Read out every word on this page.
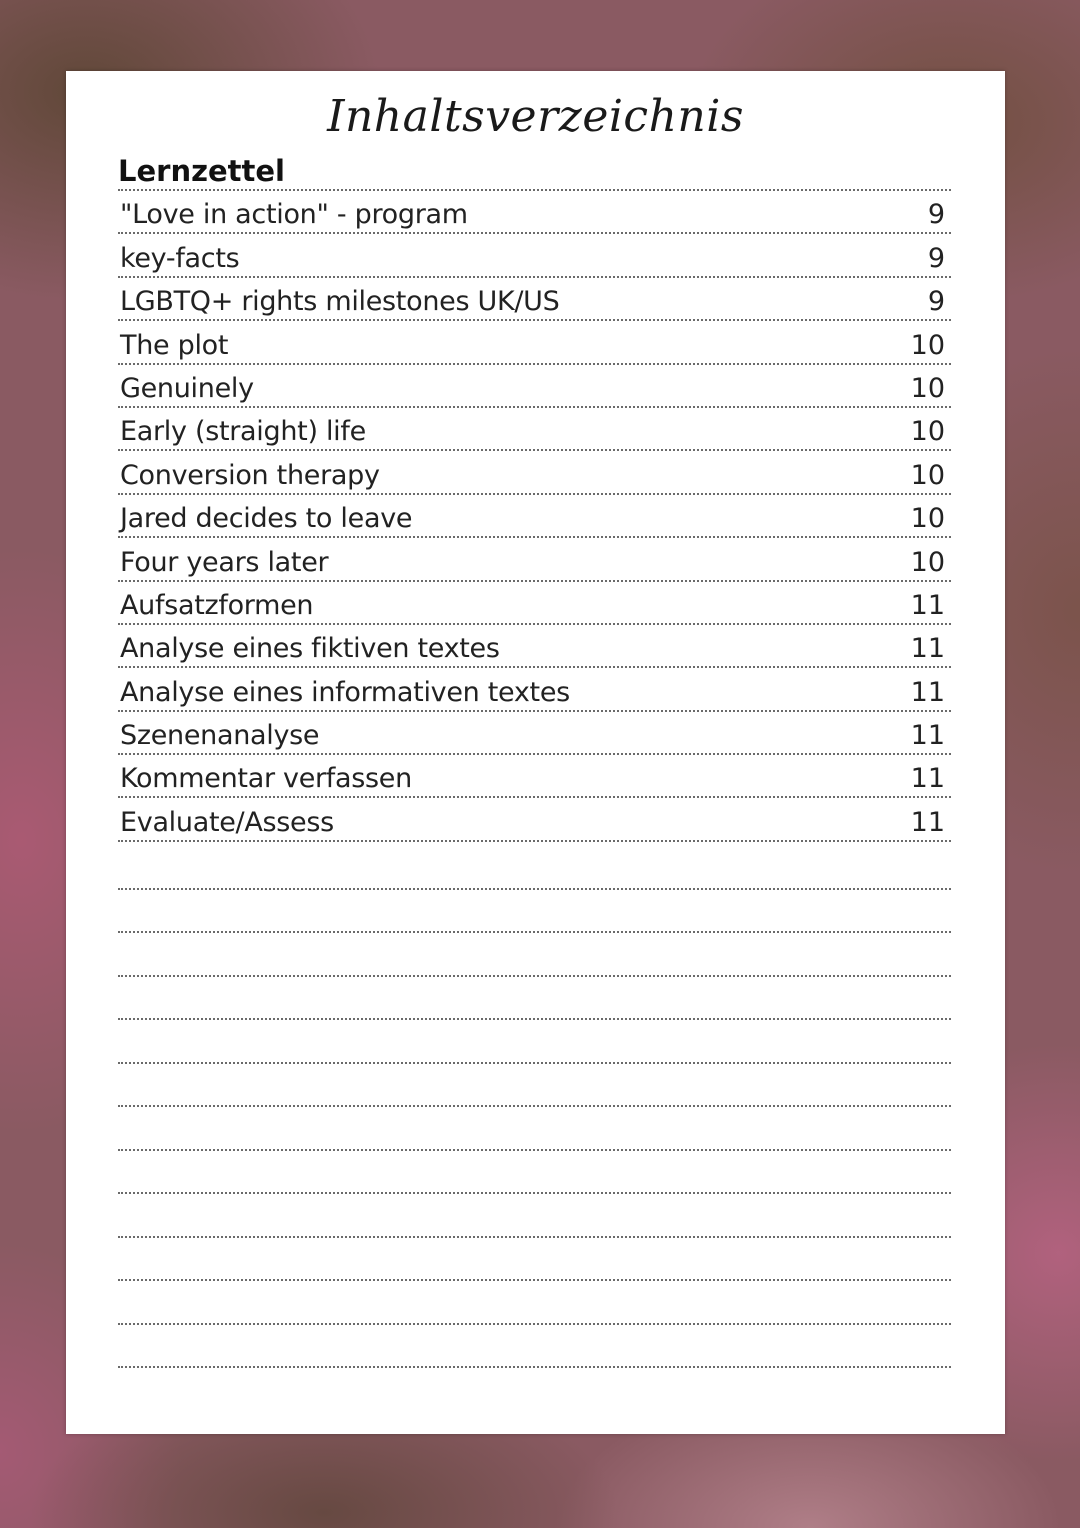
Inhaltsverzeichnis
Lernzettel
"Love in action" - program	9
key-facts	9
LGBTQ+ rights milestones UK/US	9
The plot	10
Genuinely	10
Early (straight) life	10
Conversion therapy	10
Jared decides to leave	10
Four years later	10
Aufsatzformen	11
Analyse eines fiktiven textes	11
Analyse eines informativen textes	11
Szenenanalyse	11
Kommentar verfassen	11
Evaluate/Assess	11
